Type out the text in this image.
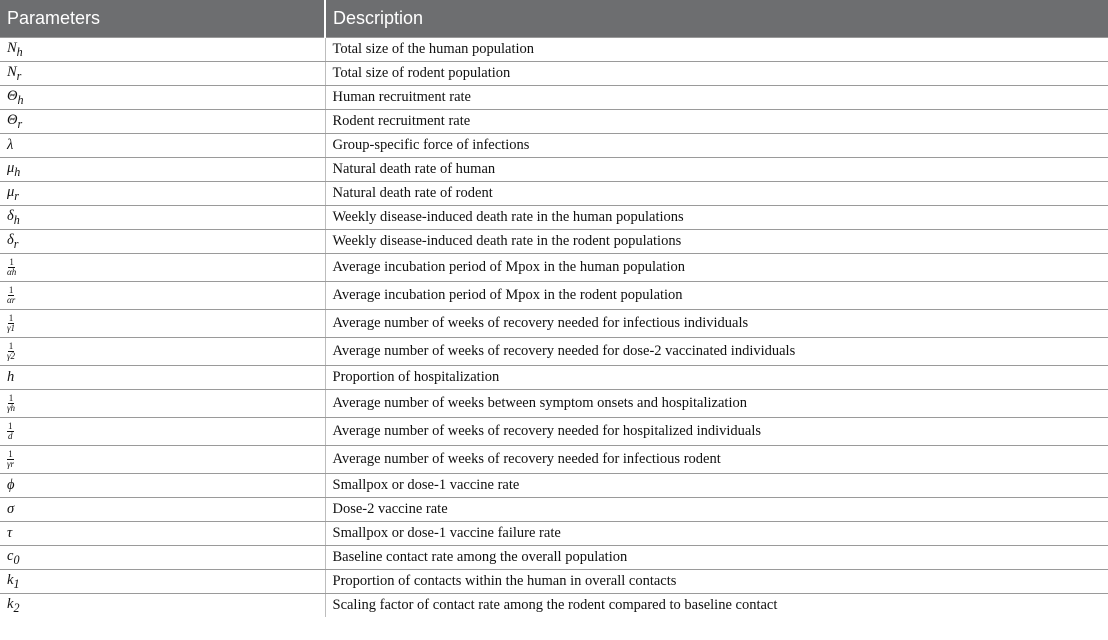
Parameters	Description
$N_h$	Total size of the human population
$N_r$	Total size of rodent population
$\Theta_h$	Human recruitment rate
$\Theta_r$	Rodent recruitment rate
λ	Group-specific force of infections
$\mu_h$	Natural death rate of human
$\mu_r$	Natural death rate of rodent
$\delta_h$	Weekly disease-induced death rate in the human populations
$\delta_r$	Weekly disease-induced death rate in the rodent populations

$\frac{1}{\alpha h}$	Average incubation period of Mpox in the human population

$\frac{1}{\alpha r}$	Average incubation period of Mpox in the rodent population

$\frac{1}{\gamma 1}$	Average number of weeks of recovery needed for infectious individuals

$\frac{1}{\gamma 2}$	Average number of weeks of recovery needed for dose-2 vaccinated individuals
h	Proportion of hospitalization

$\frac{1}{\gamma h}$	Average number of weeks between symptom onsets and hospitalization

$\frac{1}{d}$	Average number of weeks of recovery needed for hospitalized individuals

$\frac{1}{\gamma r}$	Average number of weeks of recovery needed for infectious rodent
ϕ	Smallpox or dose-1 vaccine rate
σ	Dose-2 vaccine rate
τ	Smallpox or dose-1 vaccine failure rate
$c_0$	Baseline contact rate among the overall population
$k_1$	Proportion of contacts within the human in overall contacts
$k_2$	Scaling factor of contact rate among the rodent compared to baseline contact
